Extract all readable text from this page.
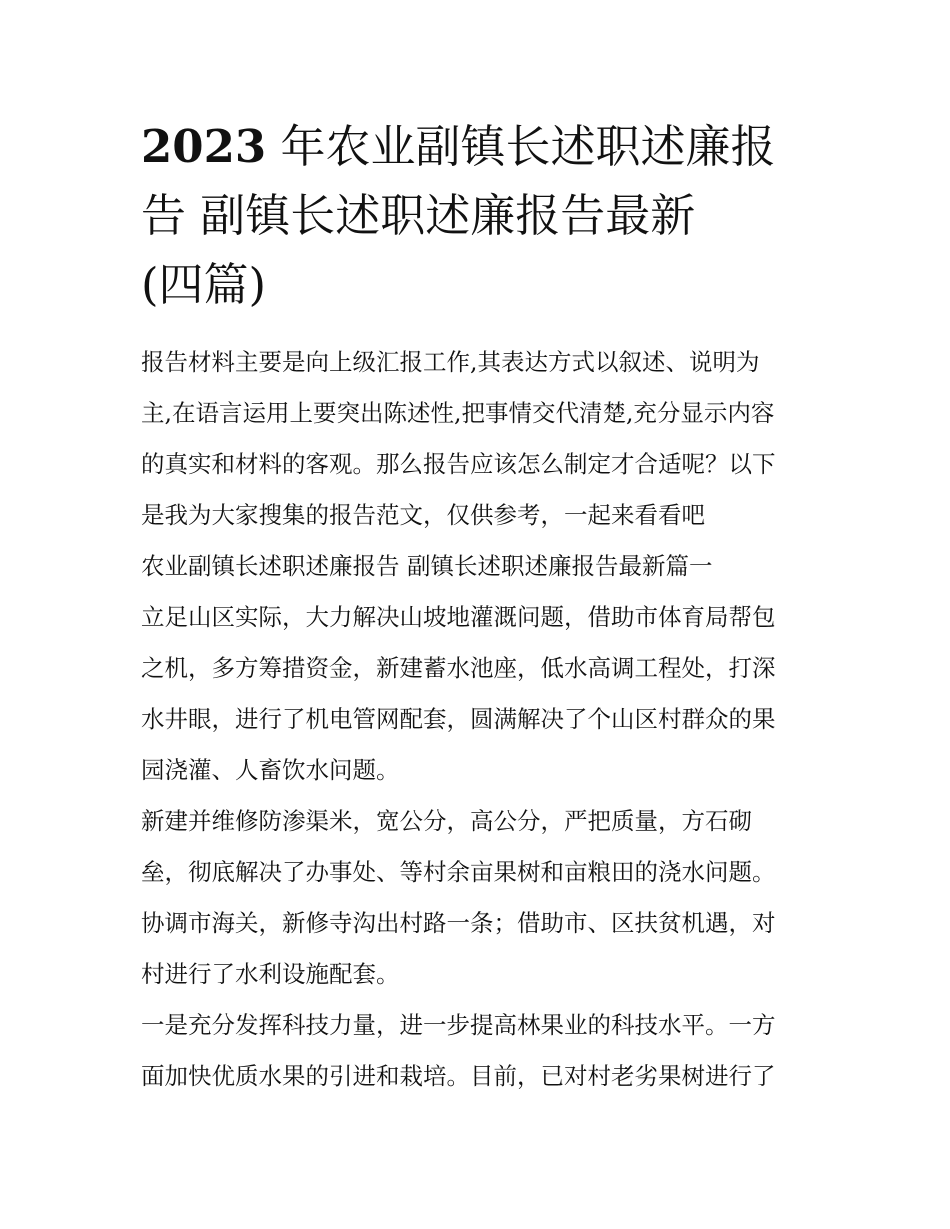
2023 年农业副镇长述职述廉报
告 副镇长述职述廉报告最新
(四篇)

报告材料主要是向上级汇报工作,其表达方式以叙述、说明为

主,在语言运用上要突出陈述性,把事情交代清楚,充分显示内容

的真实和材料的客观。那么报告应该怎么制定才合适呢？以下

是我为大家搜集的报告范文，仅供参考，一起来看看吧

农业副镇长述职述廉报告 副镇长述职述廉报告最新篇一

立足山区实际，大力解决山坡地灌溉问题，借助市体育局帮包

之机，多方筹措资金，新建蓄水池座，低水高调工程处，打深

水井眼，进行了机电管网配套，圆满解决了个山区村群众的果

园浇灌、人畜饮水问题。

新建并维修防渗渠米，宽公分，高公分，严把质量，方石砌

垒，彻底解决了办事处、等村余亩果树和亩粮田的浇水问题。

协调市海关，新修寺沟出村路一条；借助市、区扶贫机遇，对

村进行了水利设施配套。

一是充分发挥科技力量，进一步提高林果业的科技水平。一方

面加快优质水果的引进和栽培。目前，已对村老劣果树进行了
